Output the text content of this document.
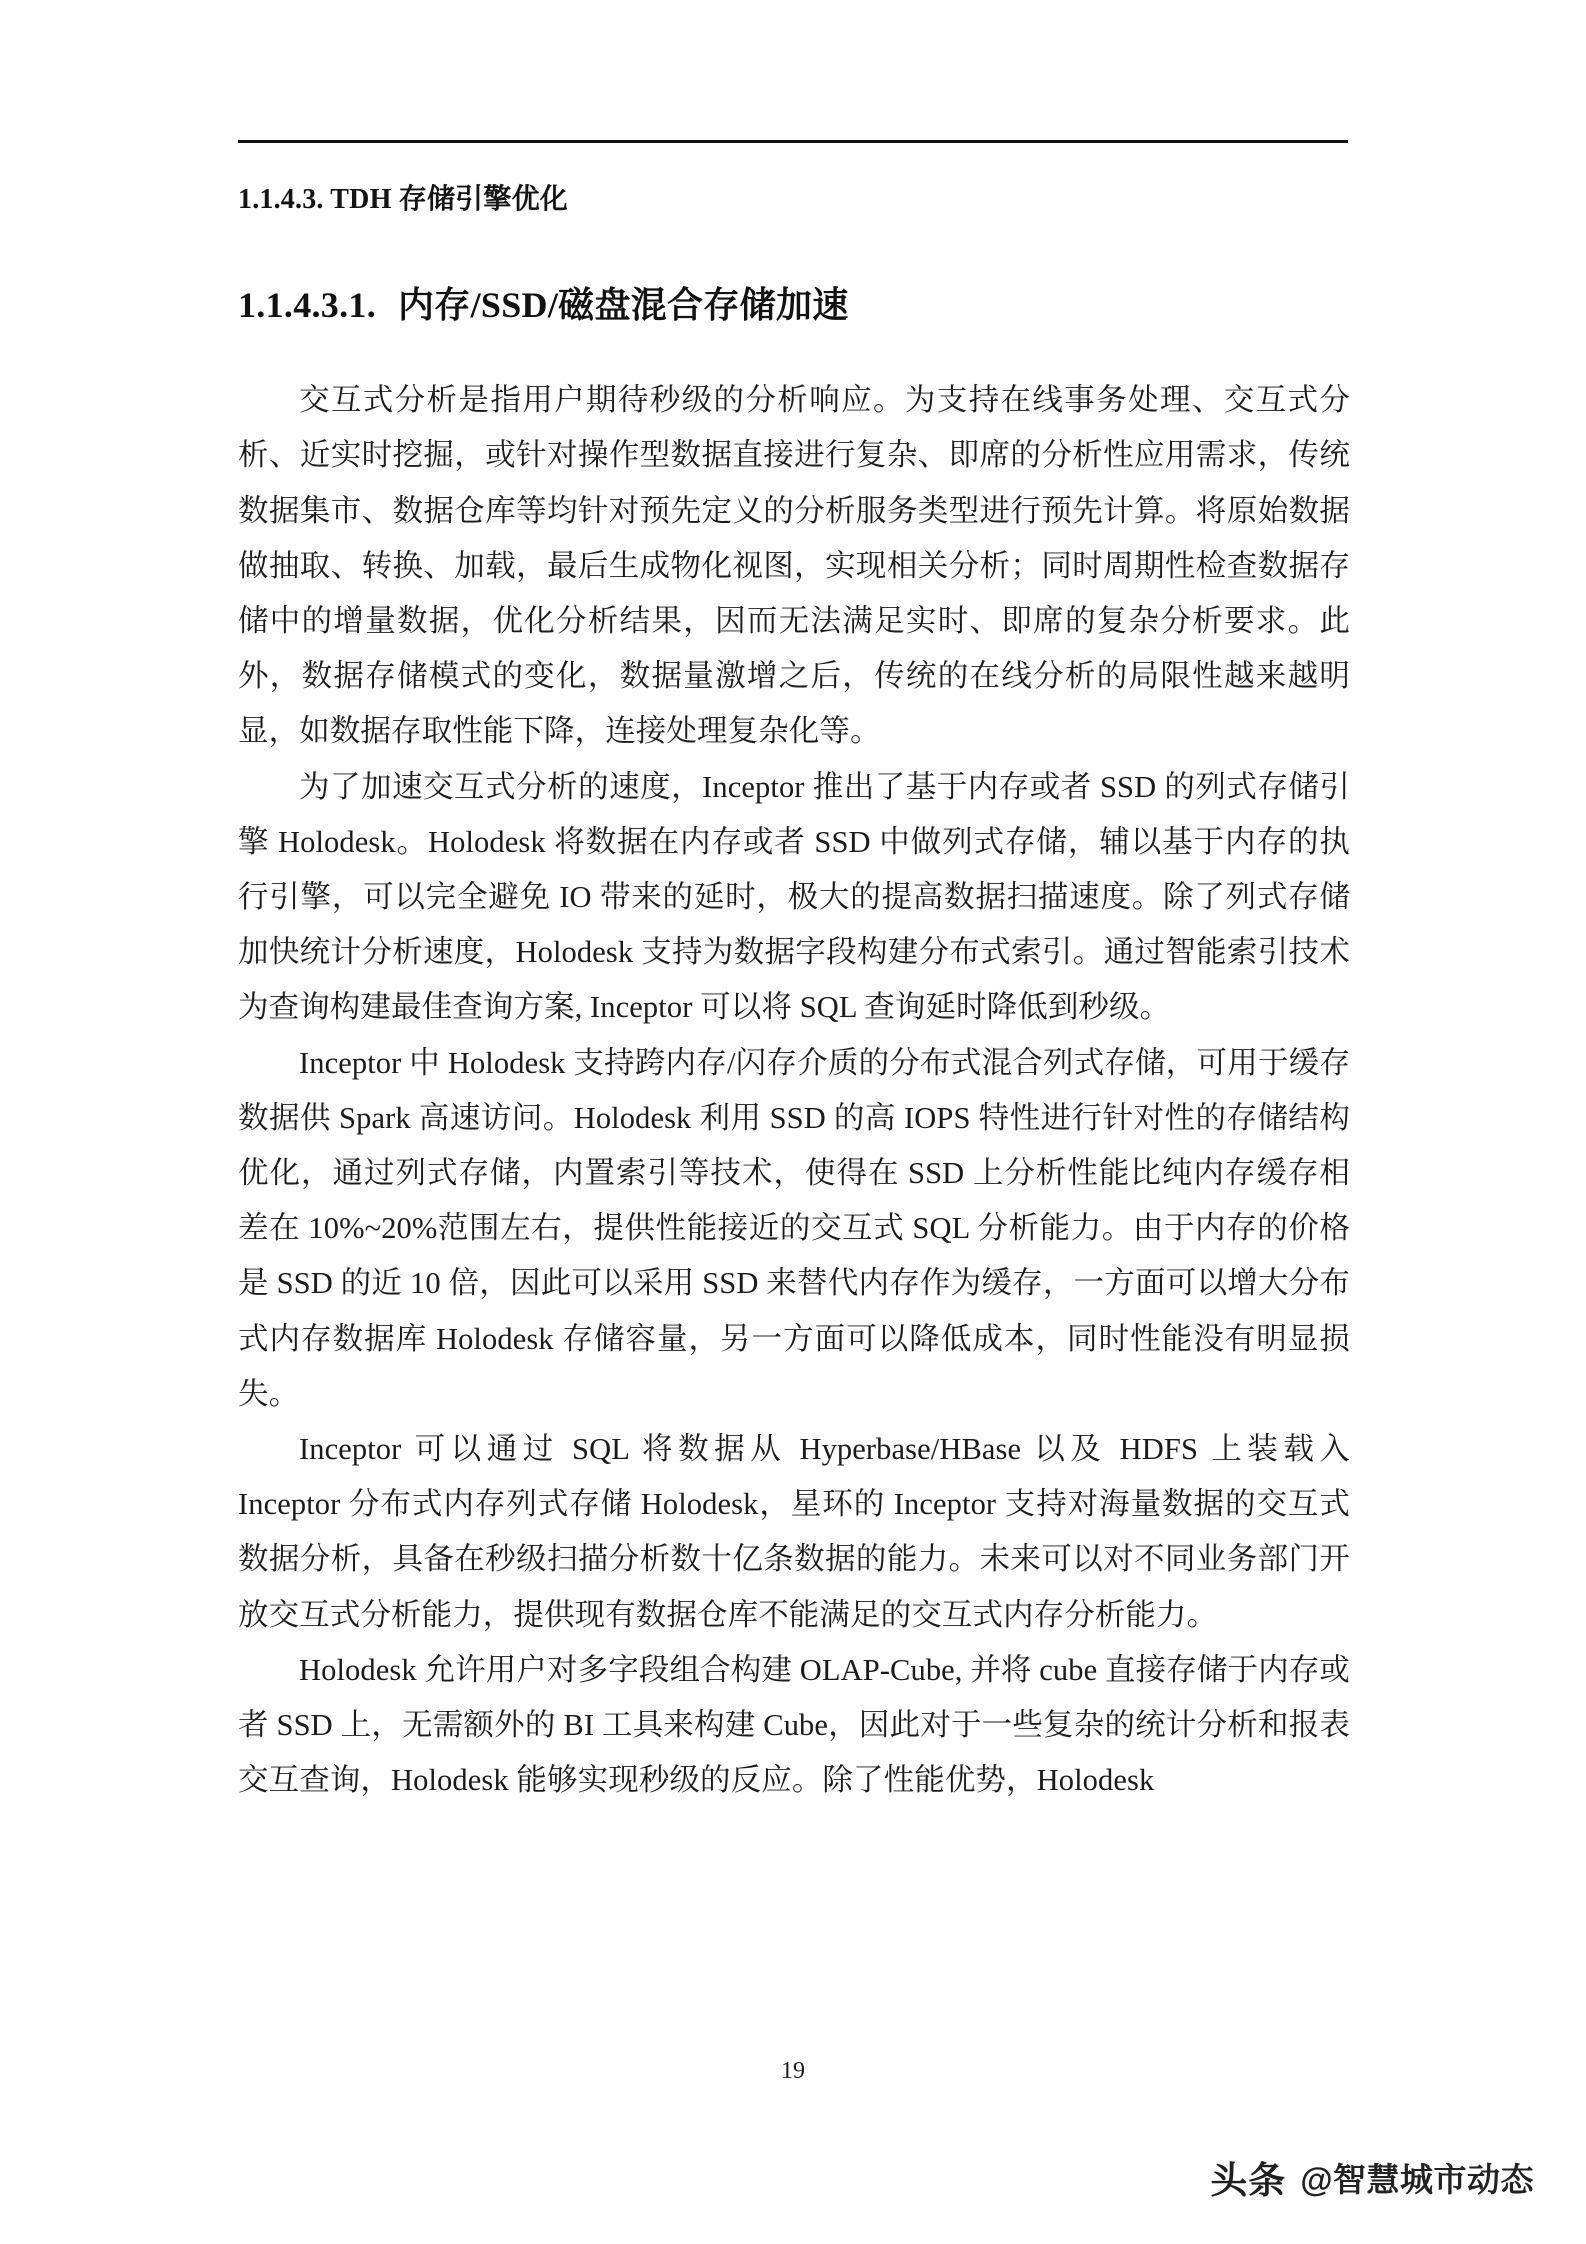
1.1.4.3. TDH 存储引擎优化
1.1.4.3.1. 内存/SSD/磁盘混合存储加速

交互式分析是指用户期待秒级的分析响应。为支持在线事务处理、交互式分析、近实时挖掘，或针对操作型数据直接进行复杂、即席的分析性应用需求，传统数据集市、数据仓库等均针对预先定义的分析服务类型进行预先计算。将原始数据做抽取、转换、加载，最后生成物化视图，实现相关分析；同时周期性检查数据存储中的增量数据，优化分析结果，因而无法满足实时、即席的复杂分析要求。此外，数据存储模式的变化，数据量激增之后，传统的在线分析的局限性越来越明显，如数据存取性能下降，连接处理复杂化等。

为了加速交互式分析的速度，Inceptor 推出了基于内存或者 SSD 的列式存储引擎 Holodesk。Holodesk 将数据在内存或者 SSD 中做列式存储，辅以基于内存的执行引擎，可以完全避免 IO 带来的延时，极大的提高数据扫描速度。除了列式存储加快统计分析速度，Holodesk 支持为数据字段构建分布式索引。通过智能索引技术为查询构建最佳查询方案, Inceptor 可以将 SQL 查询延时降低到秒级。

Inceptor 中 Holodesk 支持跨内存/闪存介质的分布式混合列式存储，可用于缓存数据供 Spark 高速访问。Holodesk 利用 SSD 的高 IOPS 特性进行针对性的存储结构优化，通过列式存储，内置索引等技术，使得在 SSD 上分析性能比纯内存缓存相差在 10%~20%范围左右，提供性能接近的交互式 SQL 分析能力。由于内存的价格是 SSD 的近 10 倍，因此可以采用 SSD 来替代内存作为缓存，一方面可以增大分布式内存数据库 Holodesk 存储容量，另一方面可以降低成本，同时性能没有明显损失。

Inceptor 可以通过 SQL 将数据从 Hyperbase/HBase 以及 HDFS 上装载入 Inceptor 分布式内存列式存储 Holodesk，星环的 Inceptor 支持对海量数据的交互式数据分析，具备在秒级扫描分析数十亿条数据的能力。未来可以对不同业务部门开放交互式分析能力，提供现有数据仓库不能满足的交互式内存分析能力。

Holodesk 允许用户对多字段组合构建 OLAP-Cube, 并将 cube 直接存储于内存或者 SSD 上，无需额外的 BI 工具来构建 Cube，因此对于一些复杂的统计分析和报表交互查询，Holodesk 能够实现秒级的反应。除了性能优势，Holodesk

19
头条 @智慧城市动态
